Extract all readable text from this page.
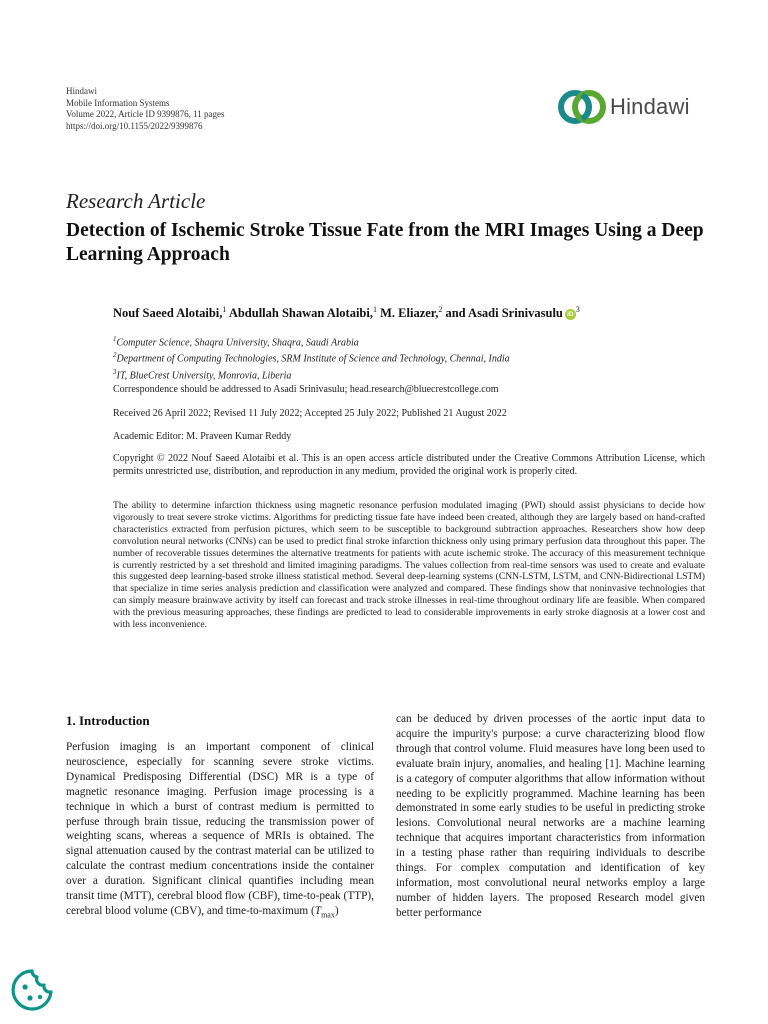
Hindawi
Mobile Information Systems
Volume 2022, Article ID 9399876, 11 pages
https://doi.org/10.1155/2022/9399876
Hindawi
Research Article
Detection of Ischemic Stroke Tissue Fate from the MRI Images Using a Deep Learning Approach
Nouf Saeed Alotaibi,$^1$ Abdullah Shawan Alotaibi,$^1$ M. Eliazer,$^2$ and Asadi Srinivasulu $iD^3$
$^1$Computer Science, Shaqra University, Shaqra, Saudi Arabia
$^2$Department of Computing Technologies, SRM Institute of Science and Technology, Chennai, India
$^3$IT, BlueCrest University, Monrovia, Liberia
Correspondence should be addressed to Asadi Srinivasulu; head.research@bluecrestcollege.com
Received 26 April 2022; Revised 11 July 2022; Accepted 25 July 2022; Published 21 August 2022
Academic Editor: M. Praveen Kumar Reddy
Copyright © 2022 Nouf Saeed Alotaibi et al. This is an open access article distributed under the Creative Commons Attribution License, which permits unrestricted use, distribution, and reproduction in any medium, provided the original work is properly cited.
The ability to determine infarction thickness using magnetic resonance perfusion modulated imaging (PWI) should assist physicians to decide how vigorously to treat severe stroke victims. Algorithms for predicting tissue fate have indeed been created, although they are largely based on hand-crafted characteristics extracted from perfusion pictures, which seem to be susceptible to background subtraction approaches. Researchers show how deep convolution neural networks (CNNs) can be used to predict final stroke infarction thickness only using primary perfusion data throughout this paper. The number of recoverable tissues determines the alternative treatments for patients with acute ischemic stroke. The accuracy of this measurement technique is currently restricted by a set threshold and limited imagining paradigms. The values collection from real-time sensors was used to create and evaluate this suggested deep learning-based stroke illness statistical method. Several deep-learning systems (CNN-LSTM, LSTM, and CNN-Bidirectional LSTM) that specialize in time series analysis prediction and classification were analyzed and compared. These findings show that noninvasive technologies that can simply measure brainwave activity by itself can forecast and track stroke illnesses in real-time throughout ordinary life are feasible. When compared with the previous measuring approaches, these findings are predicted to lead to considerable improvements in early stroke diagnosis at a lower cost and with less inconvenience.
1. Introduction
Perfusion imaging is an important component of clinical neuroscience, especially for scanning severe stroke victims. Dynamical Predisposing Differential (DSC) MR is a type of magnetic resonance imaging. Perfusion image processing is a technique in which a burst of contrast medium is permitted to perfuse through brain tissue, reducing the transmission power of weighting scans, whereas a sequence of MRIs is obtained. The signal attenuation caused by the contrast material can be utilized to calculate the contrast medium concentrations inside the container over a duration. Significant clinical quantifies including mean transit time (MTT), cerebral blood flow (CBF), time-to-peak (TTP), cerebral blood volume (CBV), and time-to-maximum $(T_{max})$
can be deduced by driven processes of the aortic input data to acquire the impurity's purpose: a curve characterizing blood flow through that control volume. Fluid measures have long been used to evaluate brain injury, anomalies, and healing [1]. Machine learning is a category of computer algorithms that allow information without needing to be explicitly programmed. Machine learning has been demonstrated in some early studies to be useful in predicting stroke lesions. Convolutional neural networks are a machine learning technique that acquires important characteristics from information in a testing phase rather than requiring individuals to describe things. For complex computation and identification of key information, most convolutional neural networks employ a large number of hidden layers. The proposed Research model given better performance
